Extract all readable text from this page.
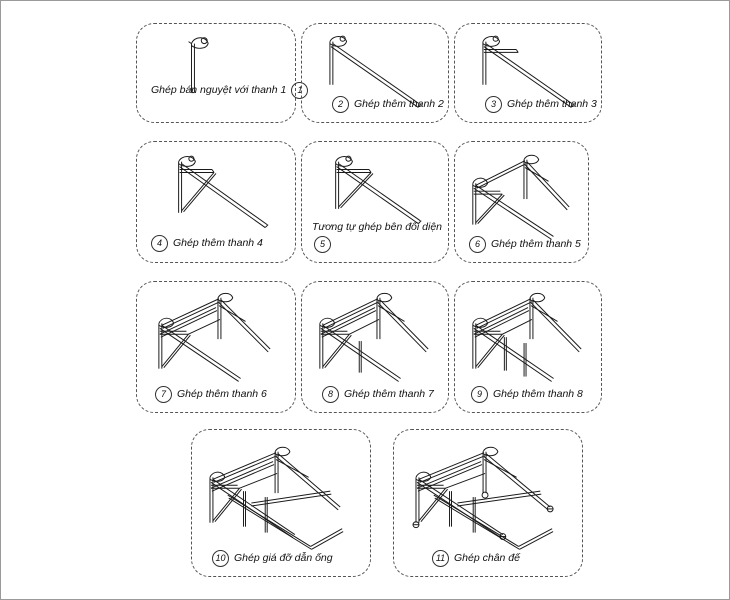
Ghép bán nguyệt với thanh 1	1
2	Ghép thêm thanh 2	3	Ghép thêm thanh 3
4	Ghép thêm thanh 4
Tương tự ghép bên đối diện
5	6	Ghép thêm thanh 5
7	Ghép thêm thanh 6	8	Ghép thêm thanh 7	9	Ghép thêm thanh 8
10 Ghép giá đỡ dẫn ống	11 Ghép chân đế
